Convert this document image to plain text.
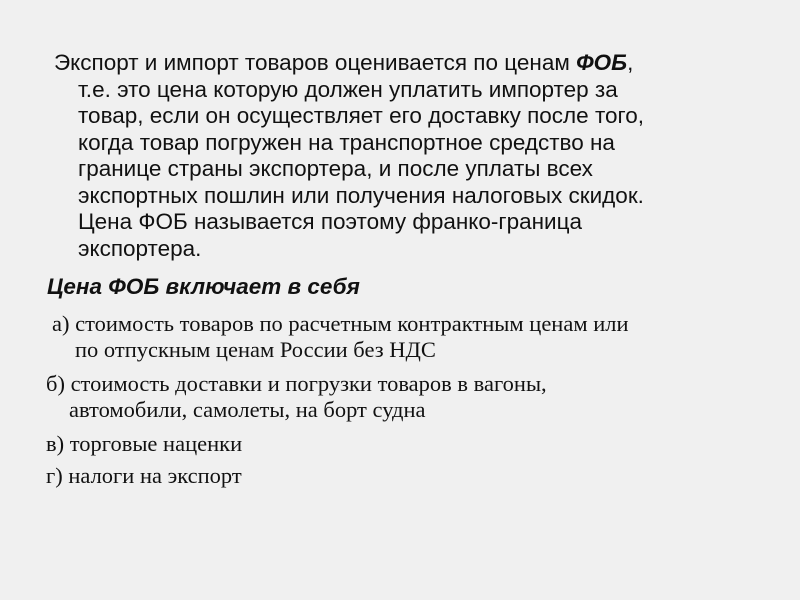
Экспорт и импорт товаров оценивается по ценам ФОБ,
т.е. это цена которую должен уплатить импортер за
товар, если он осуществляет его доставку после того,
когда товар погружен на транспортное средство на
границе страны экспортера, и после уплаты всех
экспортных пошлин или получения налоговых скидок.
Цена ФОБ называется поэтому франко-граница
экспортера.
Цена ФОБ включает в себя
а) стоимость товаров по расчетным контрактным ценам или
по отпускным ценам России без НДС
б) стоимость доставки и погрузки товаров в вагоны,
автомобили, самолеты, на борт судна
в) торговые наценки
г) налоги на экспорт
